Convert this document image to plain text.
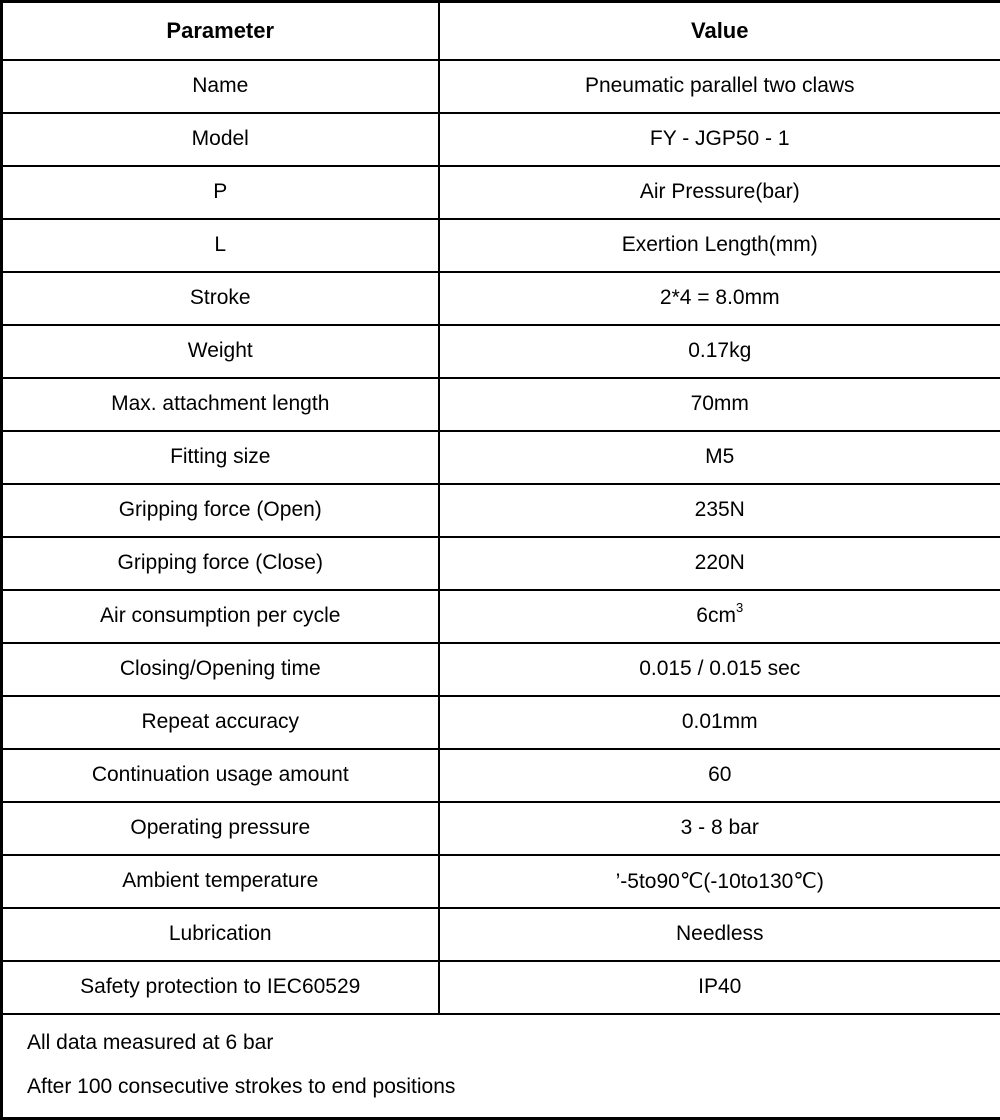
Parameter	Value
Name	Pneumatic parallel two claws
Model	FY - JGP50 - 1
P	Air Pressure(bar)
L	Exertion Length(mm)
Stroke	2*4 = 8.0mm
Weight	0.17kg
Max. attachment length	70mm
Fitting size	M5
Gripping force (Open)	235N
Gripping force (Close)	220N
Air consumption per cycle	$6cm^3$
Closing/Opening time	0.015 / 0.015 sec
Repeat accuracy	0.01mm
Continuation usage amount	60
Operating pressure	3 - 8 bar
Ambient temperature	’-5to90℃(-10to130℃)
Lubrication	Needless
Safety protection to IEC60529	IP40

All data measured at 6 bar
After 100 consecutive strokes to end positions	
